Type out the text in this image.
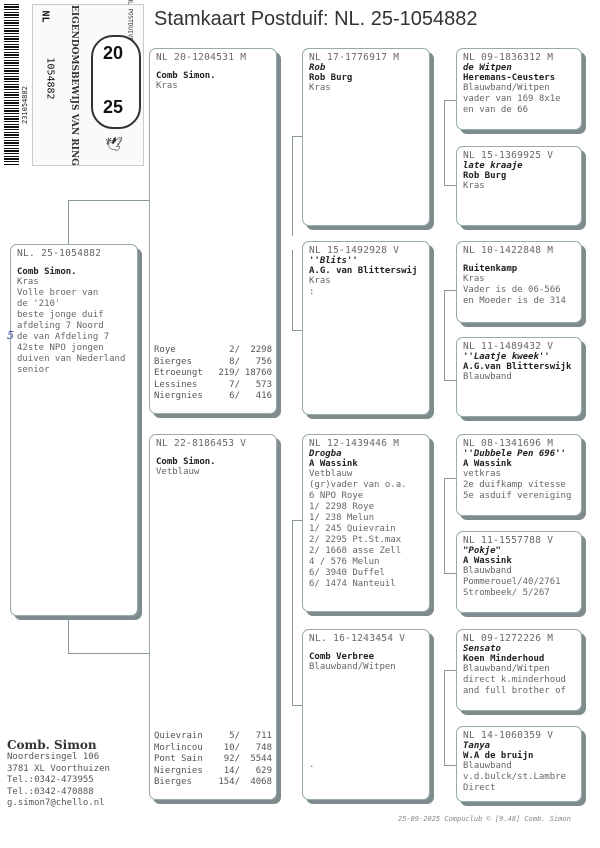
Stamkaart Postduif: NL. 25-1054882
231054882	EIGENDOMSBEWIJS VAN RING
NL
1054882
20
25
🕊
NL. 25-1054882
Comb Simon.
Kras
Volle broer van
de '210'
beste jonge duif
afdeling 7 Noord
5 de van Afdeling 7
42ste NPO jongen
duiven van Nederland
senior
NL 20-1204531 M
Comb Simon.
Kras
Roye	2/ 2298
Bierges	8/ 756
Etroeungt 219/ 18760
Lessines	7/ 573
Niergnies	6/ 416
NL 22-8186453 V
Comb Simon.
Vetblauw
Quievrain	5/ 711
Morlincou 10/ 748
Pont Sain 92/ 5544
Niergnies 14/ 629
Bierges	154/ 4068
NL 17-1776917 M
Rob
Rob Burg
Kras
NL 15-1492928 V
''Blits''
A.G. van Blitterswij
Kras
:
NL 12-1439446 M
Drogba
A Wassink
Vetblauw
(gr)vader van o.a.
6 NPO Roye
1/ 2298 Roye
1/ 238 Melun
1/ 245 Quievrain
2/ 2295 Pt.St.max
2/ 1668 asse Zell
4 / 576 Melun
6/ 3940 Duffel
6/ 1474 Nanteuil
NL. 16-1243454 V
Comb Verbree
Blauwband/Witpen
.
NL 09-1836312 M
de Witpen
Heremans-Ceusters
Blauwband/Witpen
vader van 169 8x1e
en van de 66
NL 15-1369925 V
late kraaje
Rob Burg
Kras
NL 10-1422848 M
Ruitenkamp
Kras
Vader is de 06-566
en Moeder is de 314
NL 11-1489432 V
''Laatje kweek''
A.G.van Blitterswijk
Blauwband
NL 08-1341696 M
''Dubbele Pen 696''
A Wassink
vetkras
2e duifkamp vitesse
5e asduif vereniging
NL 11-1557788 V
"Pokje"
A Wassink
Blauwband
Pommerouel/40/2761
Strombeek/ 5/267
NL 09-1272226 M
Sensato
Koen Minderhoud
Blauwband/Witpen
direct k.minderhoud
and full brother of
NL 14-1060359 V
Tanya
W.A de bruijn
Blauwband
v.d.bulck/st.Lambre
Direct
Comb. Simon
Noordersingel 106
3781 XL Voorthuizen
Tel.:0342-473955
Tel.:0342-470888
g.simon7@chello.nl
25-09-2025 Compuclub © [9.48] Comb. Simon
